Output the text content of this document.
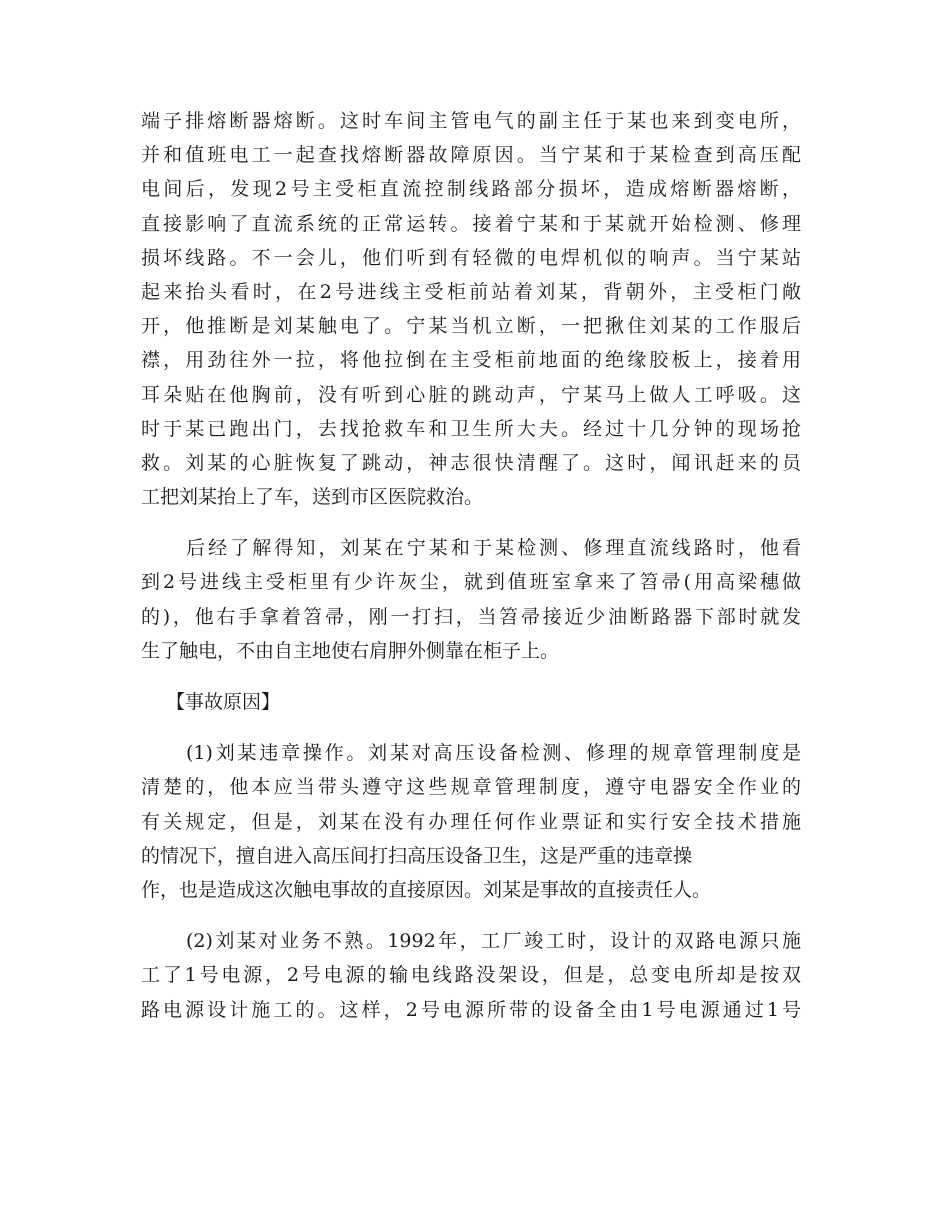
端子排熔断器熔断。这时车间主管电气的副主任于某也来到变电所，
并和值班电工一起查找熔断器故障原因。当宁某和于某检查到高压配
电间后，发现2号主受柜直流控制线路部分损坏，造成熔断器熔断，
直接影响了直流系统的正常运转。接着宁某和于某就开始检测、修理
损坏线路。不一会儿，他们听到有轻微的电焊机似的响声。当宁某站
起来抬头看时，在2号进线主受柜前站着刘某，背朝外，主受柜门敞
开，他推断是刘某触电了。宁某当机立断，一把揪住刘某的工作服后
襟，用劲往外一拉，将他拉倒在主受柜前地面的绝缘胶板上，接着用
耳朵贴在他胸前，没有听到心脏的跳动声，宁某马上做人工呼吸。这
时于某已跑出门，去找抢救车和卫生所大夫。经过十几分钟的现场抢
救。刘某的心脏恢复了跳动，神志很快清醒了。这时，闻讯赶来的员
工把刘某抬上了车，送到市区医院救治。
后经了解得知，刘某在宁某和于某检测、修理直流线路时，他看
到2号进线主受柜里有少许灰尘，就到值班室拿来了笤帚(用高梁穗做
的)，他右手拿着笤帚，刚一打扫，当笤帚接近少油断路器下部时就发
生了触电，不由自主地使右肩胛外侧靠在柜子上。
【事故原因】
(1)刘某违章操作。刘某对高压设备检测、修理的规章管理制度是
清楚的，他本应当带头遵守这些规章管理制度，遵守电器安全作业的
有关规定，但是，刘某在没有办理任何作业票证和实行安全技术措施
的情况下，擅自进入高压间打扫高压设备卫生，这是严重的违章操
作，也是造成这次触电事故的直接原因。刘某是事故的直接责任人。
(2)刘某对业务不熟。1992年，工厂竣工时，设计的双路电源只施
工了1号电源，2号电源的输电线路没架设，但是，总变电所却是按双
路电源设计施工的。这样，2号电源所带的设备全由1号电源通过1号
